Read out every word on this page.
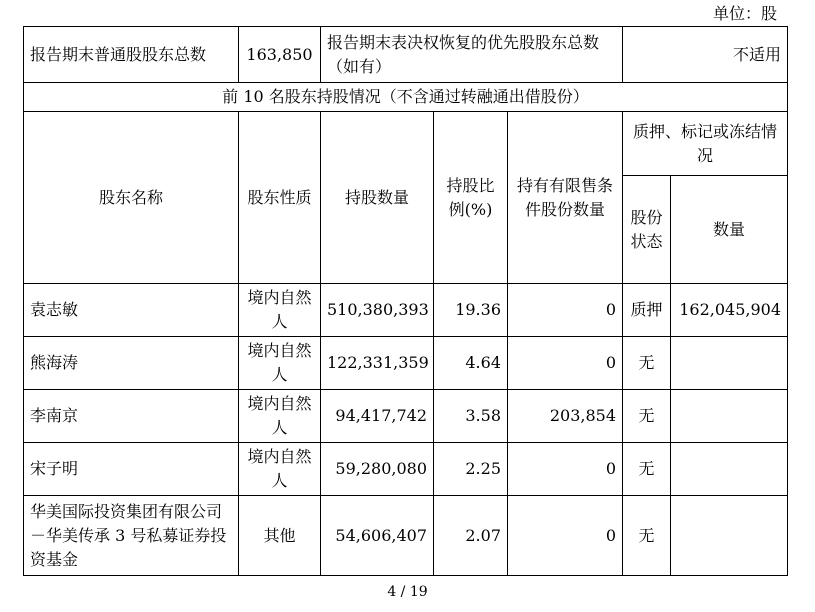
单位：股
报告期末普通股股东总数	163,850	报告期末表决权恢复的优先股股东总数（如有）			不适用	
前 10 名股东持股情况（不含通过转融通出借股份）						
股东名称	股东性质	持股数量	持股比例(%)	持有有限售条件股份数量	质押、标记或冻结情况	
					股份状态	数量
袁志敏	境内自然人	510,380,393	19.36	0	质押	162,045,904
熊海涛	境内自然人	122,331,359	4.64	0	无	
李南京	境内自然人	94,417,742	3.58	203,854	无	
宋子明	境内自然人	59,280,080	2.25	0	无	
华美国际投资集团有限公司－华美传承 3 号私募证券投资基金	其他	54,606,407	2.07	0	无	
4 / 19
